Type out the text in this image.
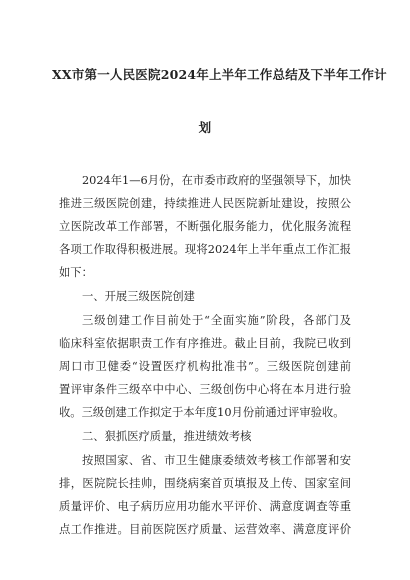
XX市第一人民医院2024年上半年工作总结及下半年工作计
划
2024年1—6月份，在市委市政府的坚强领导下，加快
推进三级医院创建，持续推进人民医院新址建设，按照公
立医院改革工作部署，不断强化服务能力，优化服务流程
各项工作取得积极进展。现将2024年上半年重点工作汇报
如下：
一、开展三级医院创建
三级创建工作目前处于“全面实施”阶段，各部门及
临床科室依据职责工作有序推进。截止目前，我院已收到
周口市卫健委“设置医疗机构批准书”。三级医院创建前
置评审条件三级卒中中心、三级创伤中心将在本月进行验
收。三级创建工作拟定于本年度10月份前通过评审验收。
二、狠抓医疗质量，推进绩效考核
按照国家、省、市卫生健康委绩效考核工作部署和安
排，医院院长挂帅，围绕病案首页填报及上传、国家室间
质量评价、电子病历应用功能水平评价、满意度调查等重
点工作推进。目前医院医疗质量、运营效率、满意度评价
